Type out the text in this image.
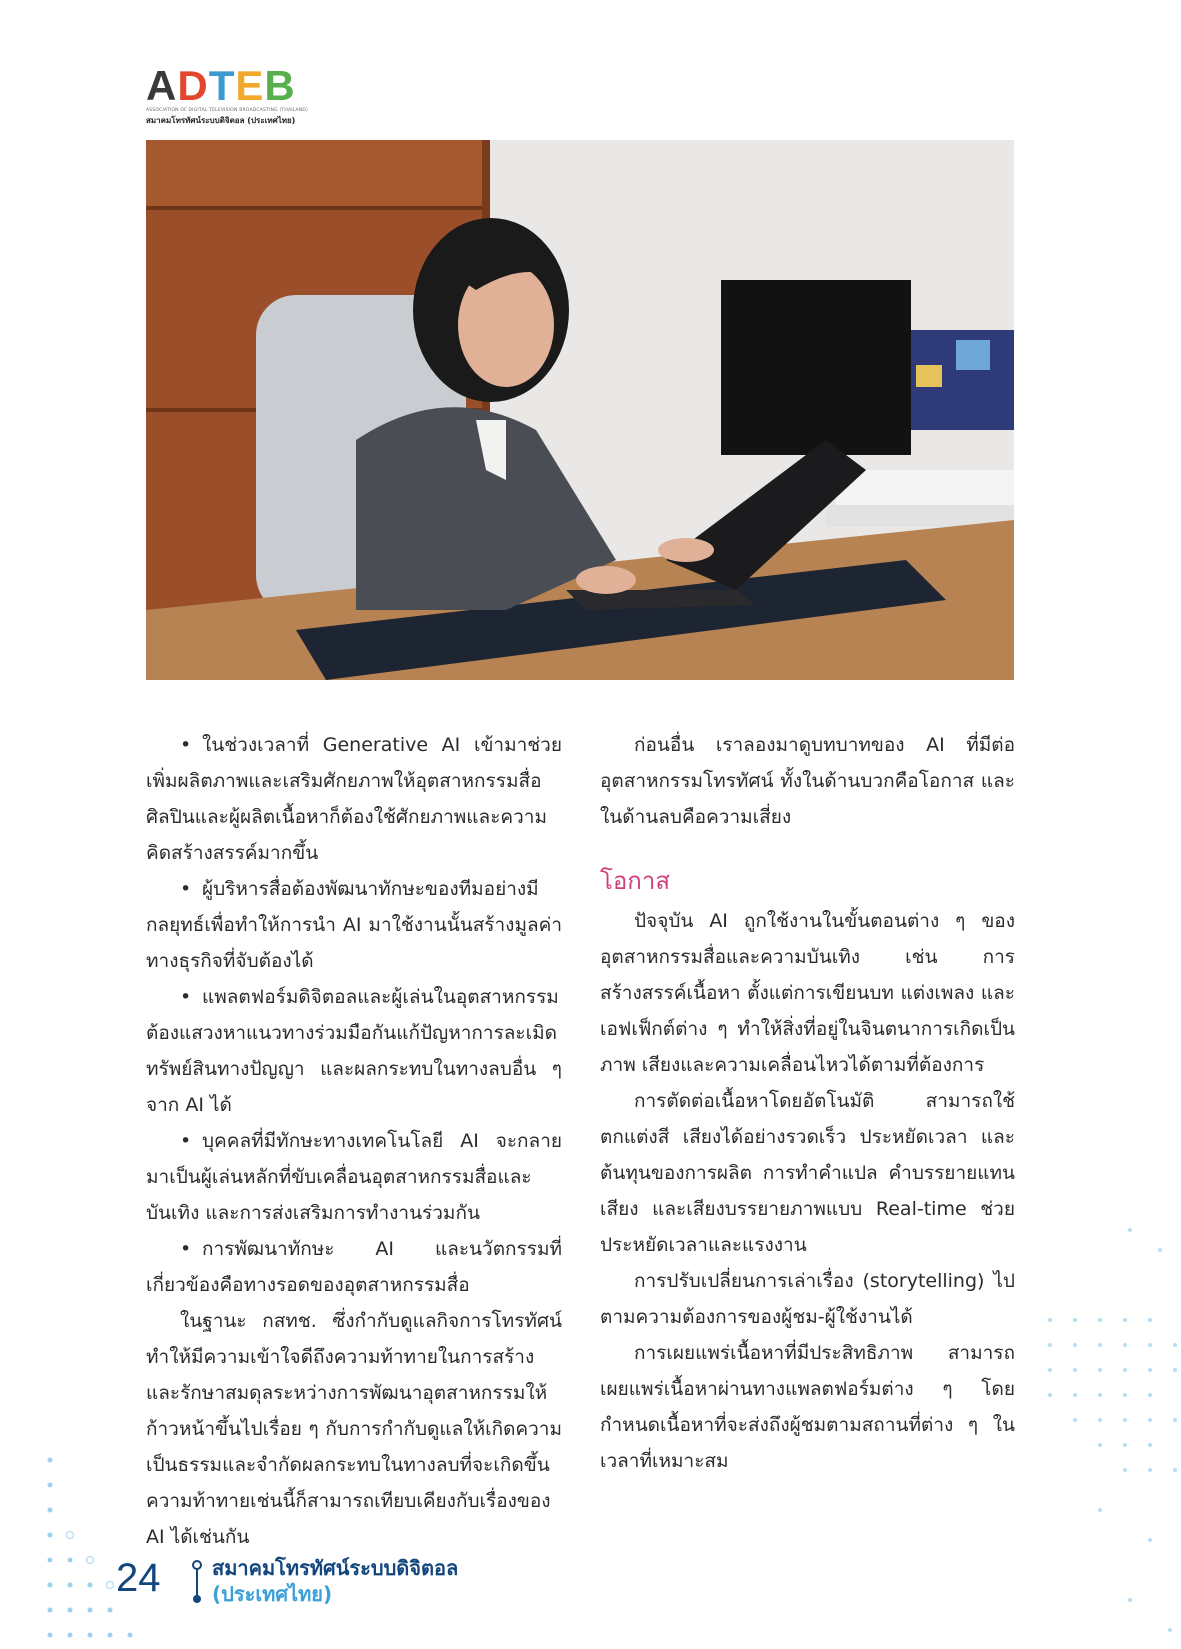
ADTEB
ASSOCIATION OF DIGITAL TELEVISION BROADCASTING (THAILAND)
สมาคมโทรทัศน์ระบบดิจิตอล (ประเทศไทย)

• ในช่วงเวลาที่ Generative AI เข้ามาช่วยเพิ่มผลิตภาพและเสริมศักยภาพให้อุตสาหกรรมสื่อ ศิลปินและผู้ผลิตเนื้อหาก็ต้องใช้ศักยภาพและความคิดสร้างสรรค์มากขึ้น

• ผู้บริหารสื่อต้องพัฒนาทักษะของทีมอย่างมีกลยุทธ์เพื่อทำให้การนำ AI มาใช้งานนั้นสร้างมูลค่าทางธุรกิจที่จับต้องได้

• แพลตฟอร์มดิจิตอลและผู้เล่นในอุตสาหกรรมต้องแสวงหาแนวทางร่วมมือกันแก้ปัญหาการละเมิดทรัพย์สินทางปัญญา และผลกระทบในทางลบอื่น ๆ จาก AI ได้

• บุคคลที่มีทักษะทางเทคโนโลยี AI จะกลายมาเป็นผู้เล่นหลักที่ขับเคลื่อนอุตสาหกรรมสื่อและบันเทิง และการส่งเสริมการทำงานร่วมกัน

• การพัฒนาทักษะ AI และนวัตกรรมที่เกี่ยวข้องคือทางรอดของอุตสาหกรรมสื่อ

ในฐานะ กสทช. ซึ่งกำกับดูแลกิจการโทรทัศน์ ทำให้มีความเข้าใจดีถึงความท้าทายในการสร้างและรักษาสมดุลระหว่างการพัฒนาอุตสาหกรรมให้ก้าวหน้าขึ้นไปเรื่อย ๆ กับการกำกับดูแลให้เกิดความเป็นธรรมและจำกัดผลกระทบในทางลบที่จะเกิดขึ้น ความท้าทายเช่นนี้ก็สามารถเทียบเคียงกับเรื่องของ AI ได้เช่นกัน

ก่อนอื่น เราลองมาดูบทบาทของ AI ที่มีต่ออุตสาหกรรมโทรทัศน์ ทั้งในด้านบวกคือโอกาส และในด้านลบคือความเสี่ยง

โอกาส

ปัจจุบัน AI ถูกใช้งานในขั้นตอนต่าง ๆ ของอุตสาหกรรมสื่อและความบันเทิง เช่น การสร้างสรรค์เนื้อหา ตั้งแต่การเขียนบท แต่งเพลง และเอฟเฟ็กต์ต่าง ๆ ทำให้สิ่งที่อยู่ในจินตนาการเกิดเป็นภาพ เสียงและความเคลื่อนไหวได้ตามที่ต้องการ

การตัดต่อเนื้อหาโดยอัตโนมัติ สามารถใช้ตกแต่งสี เสียงได้อย่างรวดเร็ว ประหยัดเวลา และต้นทุนของการผลิต การทำคำแปล คำบรรยายแทนเสียง และเสียงบรรยายภาพแบบ Real-time ช่วยประหยัดเวลาและแรงงาน

การปรับเปลี่ยนการเล่าเรื่อง (storytelling) ไปตามความต้องการของผู้ชม-ผู้ใช้งานได้

การเผยแพร่เนื้อหาที่มีประสิทธิภาพ สามารถเผยแพร่เนื้อหาผ่านทางแพลตฟอร์มต่าง ๆ โดยกำหนดเนื้อหาที่จะส่งถึงผู้ชมตามสถานที่ต่าง ๆ ในเวลาที่เหมาะสม

24	สมาคมโทรทัศน์ระบบดิจิตอล
(ประเทศไทย)
